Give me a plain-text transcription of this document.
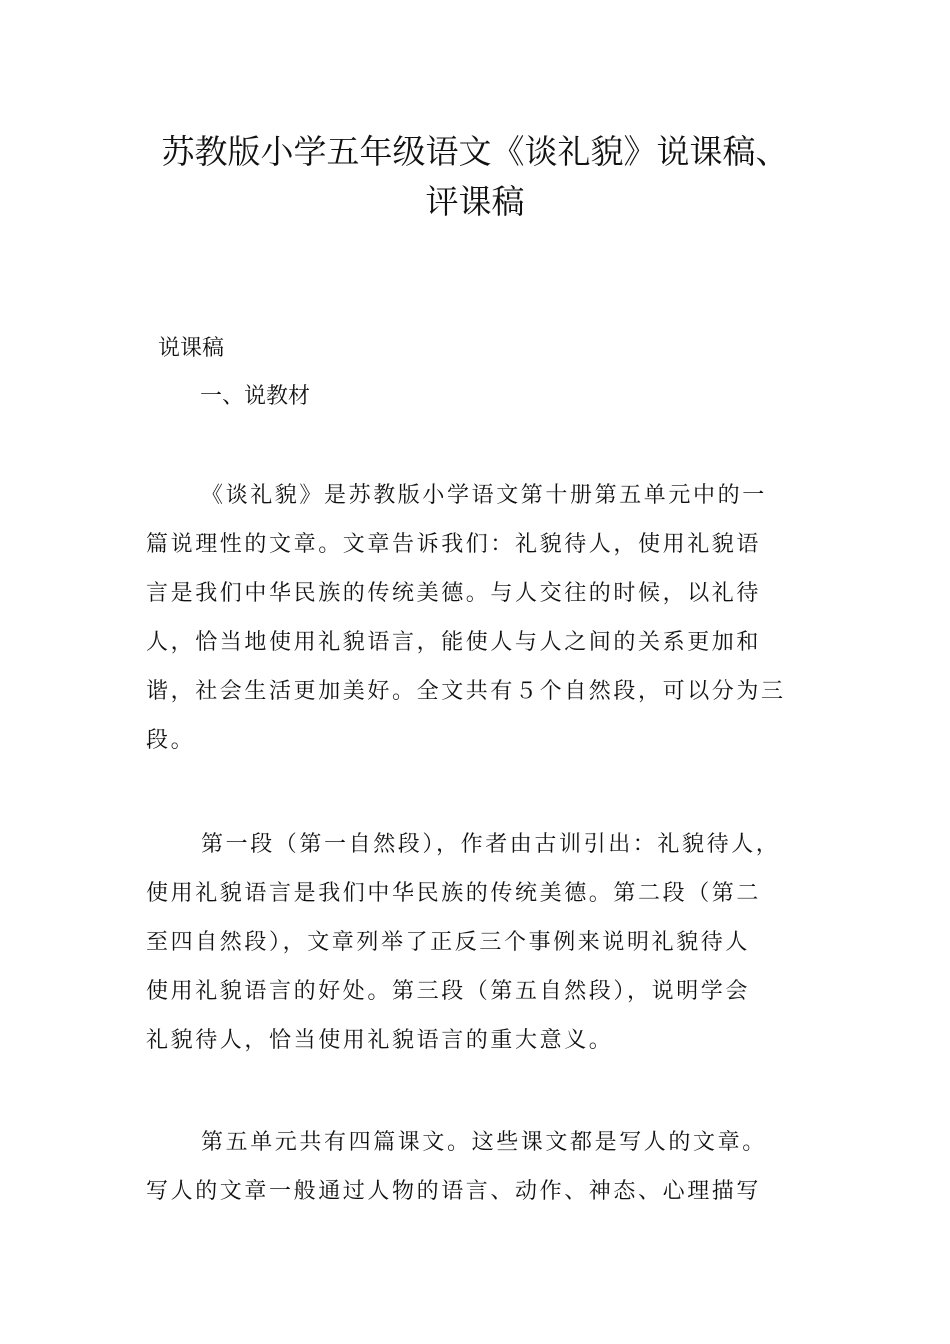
苏教版小学五年级语文《谈礼貌》说课稿、
评课稿
说课稿
一、说教材
《谈礼貌》是苏教版小学语文第十册第五单元中的一
篇说理性的文章。文章告诉我们：礼貌待人，使用礼貌语
言是我们中华民族的传统美德。与人交往的时候，以礼待
人，恰当地使用礼貌语言，能使人与人之间的关系更加和
谐，社会生活更加美好。全文共有５个自然段，可以分为三
段。
第一段（第一自然段），作者由古训引出：礼貌待人，
使用礼貌语言是我们中华民族的传统美德。第二段（第二
至四自然段），文章列举了正反三个事例来说明礼貌待人
使用礼貌语言的好处。第三段（第五自然段），说明学会
礼貌待人，恰当使用礼貌语言的重大意义。
第五单元共有四篇课文。这些课文都是写人的文章。
写人的文章一般通过人物的语言、动作、神态、心理描写
